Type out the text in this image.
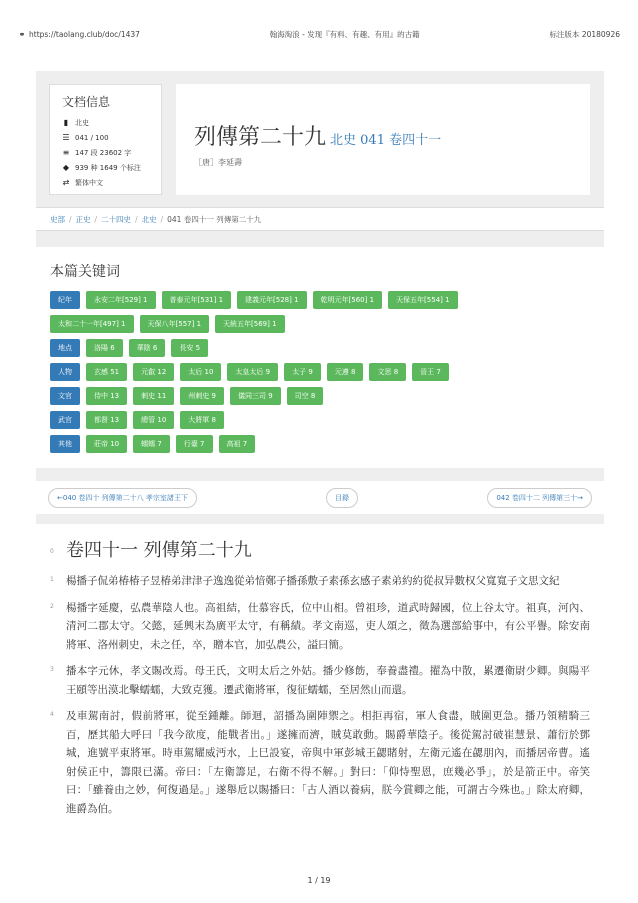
⚭ https://taolang.club/doc/1437	翰海淘浪 - 发现『有料、有趣、有用』的古籍	标注版本 20180926
文档信息
▮ 北史
☰ 041 / 100
≡ 147 段 23602 字
◆ 939 种 1649 个标注
⇄ 繁体中文
列傳第二十九 北史 041 卷四十一
［唐］李延壽
史部 / 正史 / 二十四史 / 北史 / 041 卷四十一 列傳第二十九
本篇关键词
纪年	永安二年[529] 1	普泰元年[531] 1	建義元年[528] 1	乾明元年[560] 1	天保五年[554] 1
太和二十一年[497] 1	天保八年[557] 1	天統五年[569] 1
地点	洛陽 6	華陰 6	長安 5
人物	玄感 51	元叡 12	太后 10	太皇太后 9	太子 9	元遵 8	文思 8	晉王 7
文官	侍中 13	刺史 11	州刺史 9	儀同三司 9	司空 8
武官	都督 13	總管 10	大將軍 8
其他	莊帝 10	蠕蠕 7	行臺 7	高祖 7
←040 卷四十 列傳第二十八 孝宗室諸王下	目錄	042 卷四十二 列傳第三十→
0 卷四十一 列傳第二十九
1	楊播子侃弟椿椿子昱椿弟津津子逸逸從弟愔鄭子播孫敷子素孫玄感子素弟約約從叔异數权父寬寬子文思文紀
2	楊播字延慶，弘農華陰人也。高祖結，仕慕容氏，位中山相。曾祖珍，道武時歸國，位上谷太守。祖真，河內、清河二郡太守。父懿，延興末為廣平太守，有稱績。孝文南巡，吏人頌之，徵為選部給事中，有公平譽。除安南將軍、洛州刺史，未之任，卒，贈本官，加弘農公，謚曰簡。
3	播本字元休，孝文賜改焉。母王氏，文明太后之外姑。播少修飭，奉養盡禮。擢為中散，累遷衛尉少卿。與陽平王頤等出漠北擊蠕蠕，大致克獲。遷武衛將軍，復征蠕蠕，至居然山而還。
4	及車駕南討，假前將軍，從至鍾離。師迴，詔播為圍陣禦之。相拒再宿，軍人食盡，賊圍更急。播乃領精騎三百，歷其船大呼曰「我今欲度，能戰者出。」遂擁而濟，賊莫敢動。賜爵華陰子。後從駕討破崔慧景、蕭衍於鄧城，進號平東將軍。時車駕耀威沔水，上巳設宴，帝與中軍彭城王勰賭射，左衛元遙在勰朋內，而播居帝曹。遙射侯正中，籌限已滿。帝曰：「左衛籌足，右衛不得不解。」對曰：「仰恃聖恩，庶幾必爭」，於是箭正中。帝笑曰：「雖養由之妙，何復過是。」遂舉卮以賜播曰：「古人酒以養病，朕今賞卿之能，可謂古今殊也。」除太府卿，進爵為伯。
1 / 19
